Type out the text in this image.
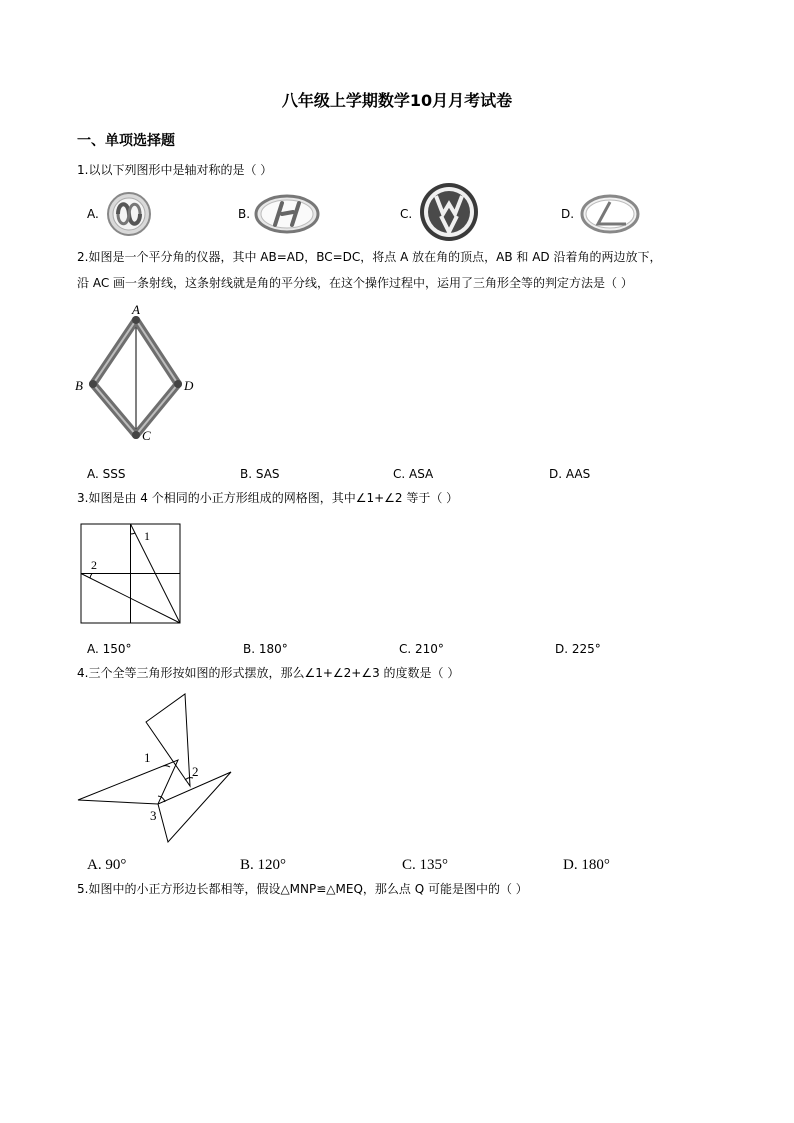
八年级上学期数学10月月考试卷
一、单项选择题
1.以以下列图形中是轴对称的是（ ）
A.	B.	C.	D.
2.如图是一个平分角的仪器，其中 AB=AD，BC=DC，将点 A 放在角的顶点，AB 和 AD 沿着角的两边放下，
沿 AC 画一条射线，这条射线就是角的平分线，在这个操作过程中，运用了三角形全等的判定方法是（ ）
A
B	D
C
A. SSS	B. SAS	C. ASA	D. AAS
3.如图是由 4 个相同的小正方形组成的网格图，其中∠1+∠2 等于（ ）
1
2
A. 150°	B. 180°	C. 210°	D. 225°
4.三个全等三角形按如图的形式摆放，那么∠1+∠2+∠3 的度数是（ ）
1
2
3
A. 90°	B. 120°	C. 135°	D. 180°
5.如图中的小正方形边长都相等，假设△MNP≌△MEQ，那么点 Q 可能是图中的（ ）
